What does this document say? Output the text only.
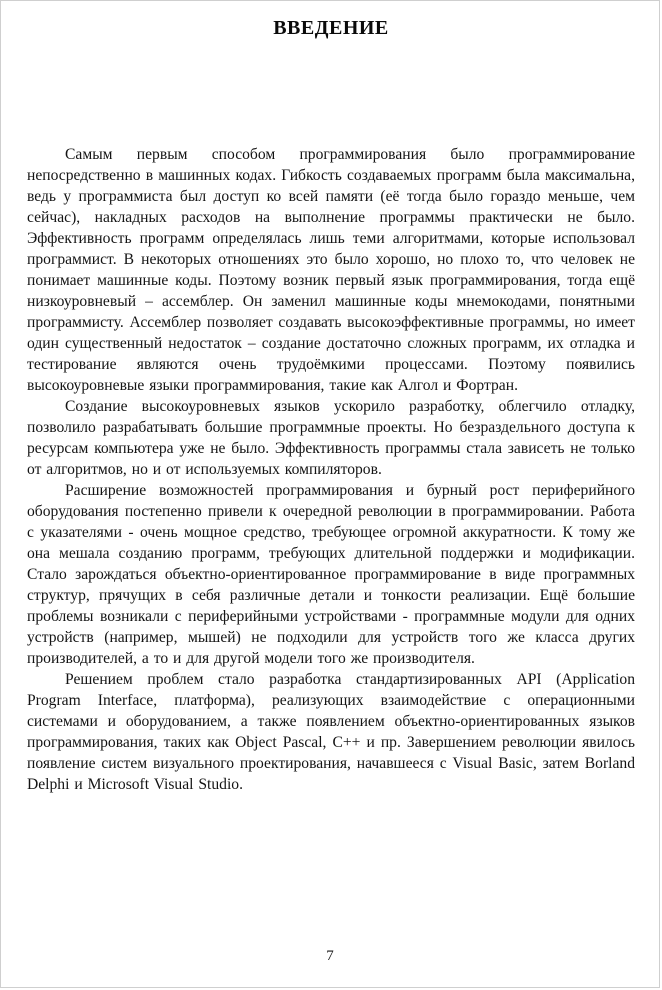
ВВЕДЕНИЕ

Самым первым способом программирования было программирование непосредственно в машинных кодах. Гибкость создаваемых программ была максимальна, ведь у программиста был доступ ко всей памяти (её тогда было гораздо меньше, чем сейчас), накладных расходов на выполнение программы практически не было. Эффективность программ определялась лишь теми алгоритмами, которые использовал программист. В некоторых отношениях это было хорошо, но плохо то, что человек не понимает машинные коды. Поэтому возник первый язык программирования, тогда ещё низкоуровневый – ассемблер. Он заменил машинные коды мнемокодами, понятными программисту. Ассемблер позволяет создавать высокоэффективные программы, но имеет один существенный недостаток – создание достаточно сложных программ, их отладка и тестирование являются очень трудоёмкими процессами. Поэтому появились высокоуровневые языки программирования, такие как Алгол и Фортран.

Создание высокоуровневых языков ускорило разработку, облегчило отладку, позволило разрабатывать большие программные проекты. Но безраздельного доступа к ресурсам компьютера уже не было. Эффективность программы стала зависеть не только от алгоритмов, но и от используемых компиляторов.

Расширение возможностей программирования и бурный рост периферийного оборудования постепенно привели к очередной революции в программировании. Работа с указателями - очень мощное средство, требующее огромной аккуратности. К тому же она мешала созданию программ, требующих длительной поддержки и модификации. Стало зарождаться объектно-ориентированное программирование в виде программных структур, прячущих в себя различные детали и тонкости реализации. Ещё большие проблемы возникали с периферийными устройствами - программные модули для одних устройств (например, мышей) не подходили для устройств того же класса других производителей, а то и для другой модели того же производителя.

Решением проблем стало разработка стандартизированных API (Application Program Interface, платформа), реализующих взаимодействие с операционными системами и оборудованием, а также появлением объектно-ориентированных языков программирования, таких как Object Pascal, C++ и пр. Завершением революции явилось появление систем визуального проектирования, начавшееся с Visual Basic, затем Borland Delphi и Microsoft Visual Studio.

7
